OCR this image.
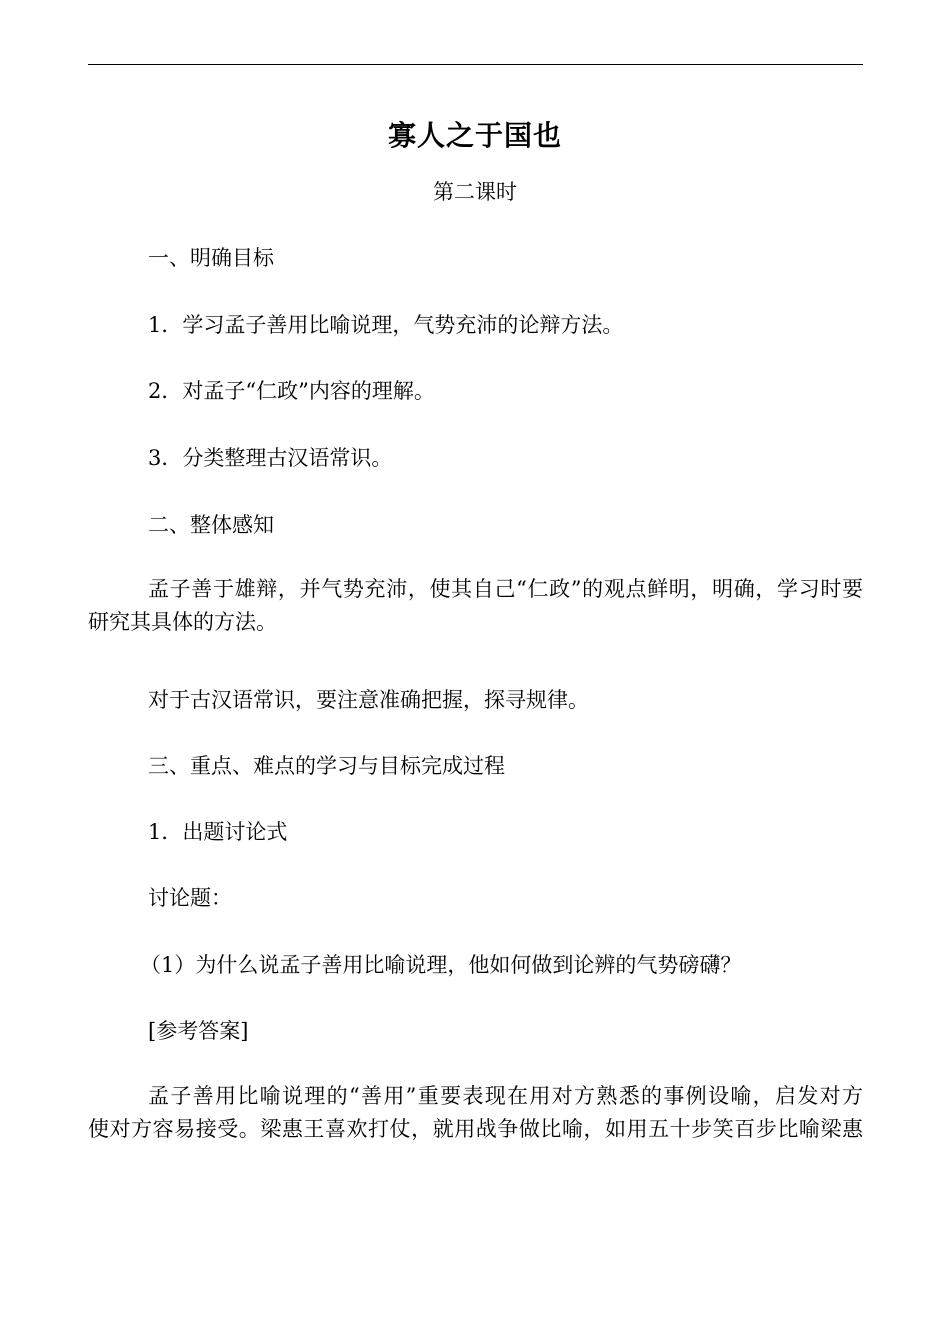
寡人之于国也
第二课时

一、明确目标

1．学习孟子善用比喻说理，气势充沛的论辩方法。

2．对孟子“仁政”内容的理解。

3．分类整理古汉语常识。

二、整体感知

孟子善于雄辩，并气势充沛，使其自己“仁政”的观点鲜明，明确，学习时要
研究其具体的方法。

对于古汉语常识，要注意准确把握，探寻规律。

三、重点、难点的学习与目标完成过程

1．出题讨论式

讨论题：

（1）为什么说孟子善用比喻说理，他如何做到论辨的气势磅礴？

[参考答案]

孟子善用比喻说理的“善用”重要表现在用对方熟悉的事例设喻，启发对方
使对方容易接受。梁惠王喜欢打仗，就用战争做比喻，如用五十步笑百步比喻梁惠
